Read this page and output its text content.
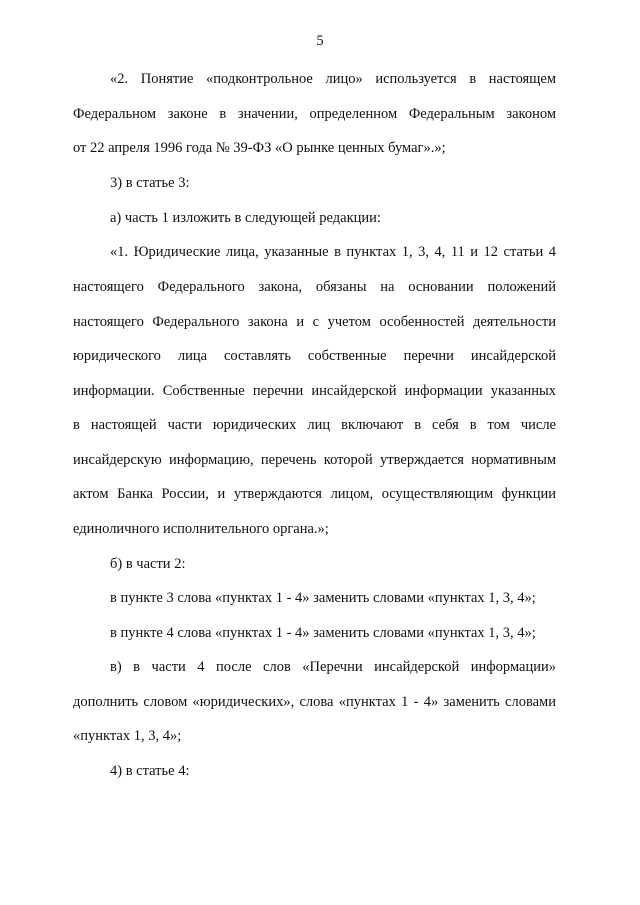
5
«2. Понятие «подконтрольное лицо» используется в настоящем
Федеральном законе в значении, определенном Федеральным законом
от 22 апреля 1996 года № 39-ФЗ «О рынке ценных бумаг».»;
3) в статье 3:
а) часть 1 изложить в следующей редакции:
«1. Юридические лица, указанные в пунктах 1, 3, 4, 11 и 12 статьи 4
настоящего Федерального закона, обязаны на основании положений
настоящего Федерального закона и с учетом особенностей деятельности
юридического лица составлять собственные перечни инсайдерской
информации. Собственные перечни инсайдерской информации указанных
в настоящей части юридических лиц включают в себя в том числе
инсайдерскую информацию, перечень которой утверждается нормативным
актом Банка России, и утверждаются лицом, осуществляющим функции
единоличного исполнительного органа.»;
б) в части 2:
в пункте 3 слова «пунктах 1 - 4» заменить словами «пунктах 1, 3, 4»;
в пункте 4 слова «пунктах 1 - 4» заменить словами «пунктах 1, 3, 4»;
в) в части 4 после слов «Перечни инсайдерской информации»
дополнить словом «юридических», слова «пунктах 1 - 4» заменить словами
«пунктах 1, 3, 4»;
4) в статье 4:
